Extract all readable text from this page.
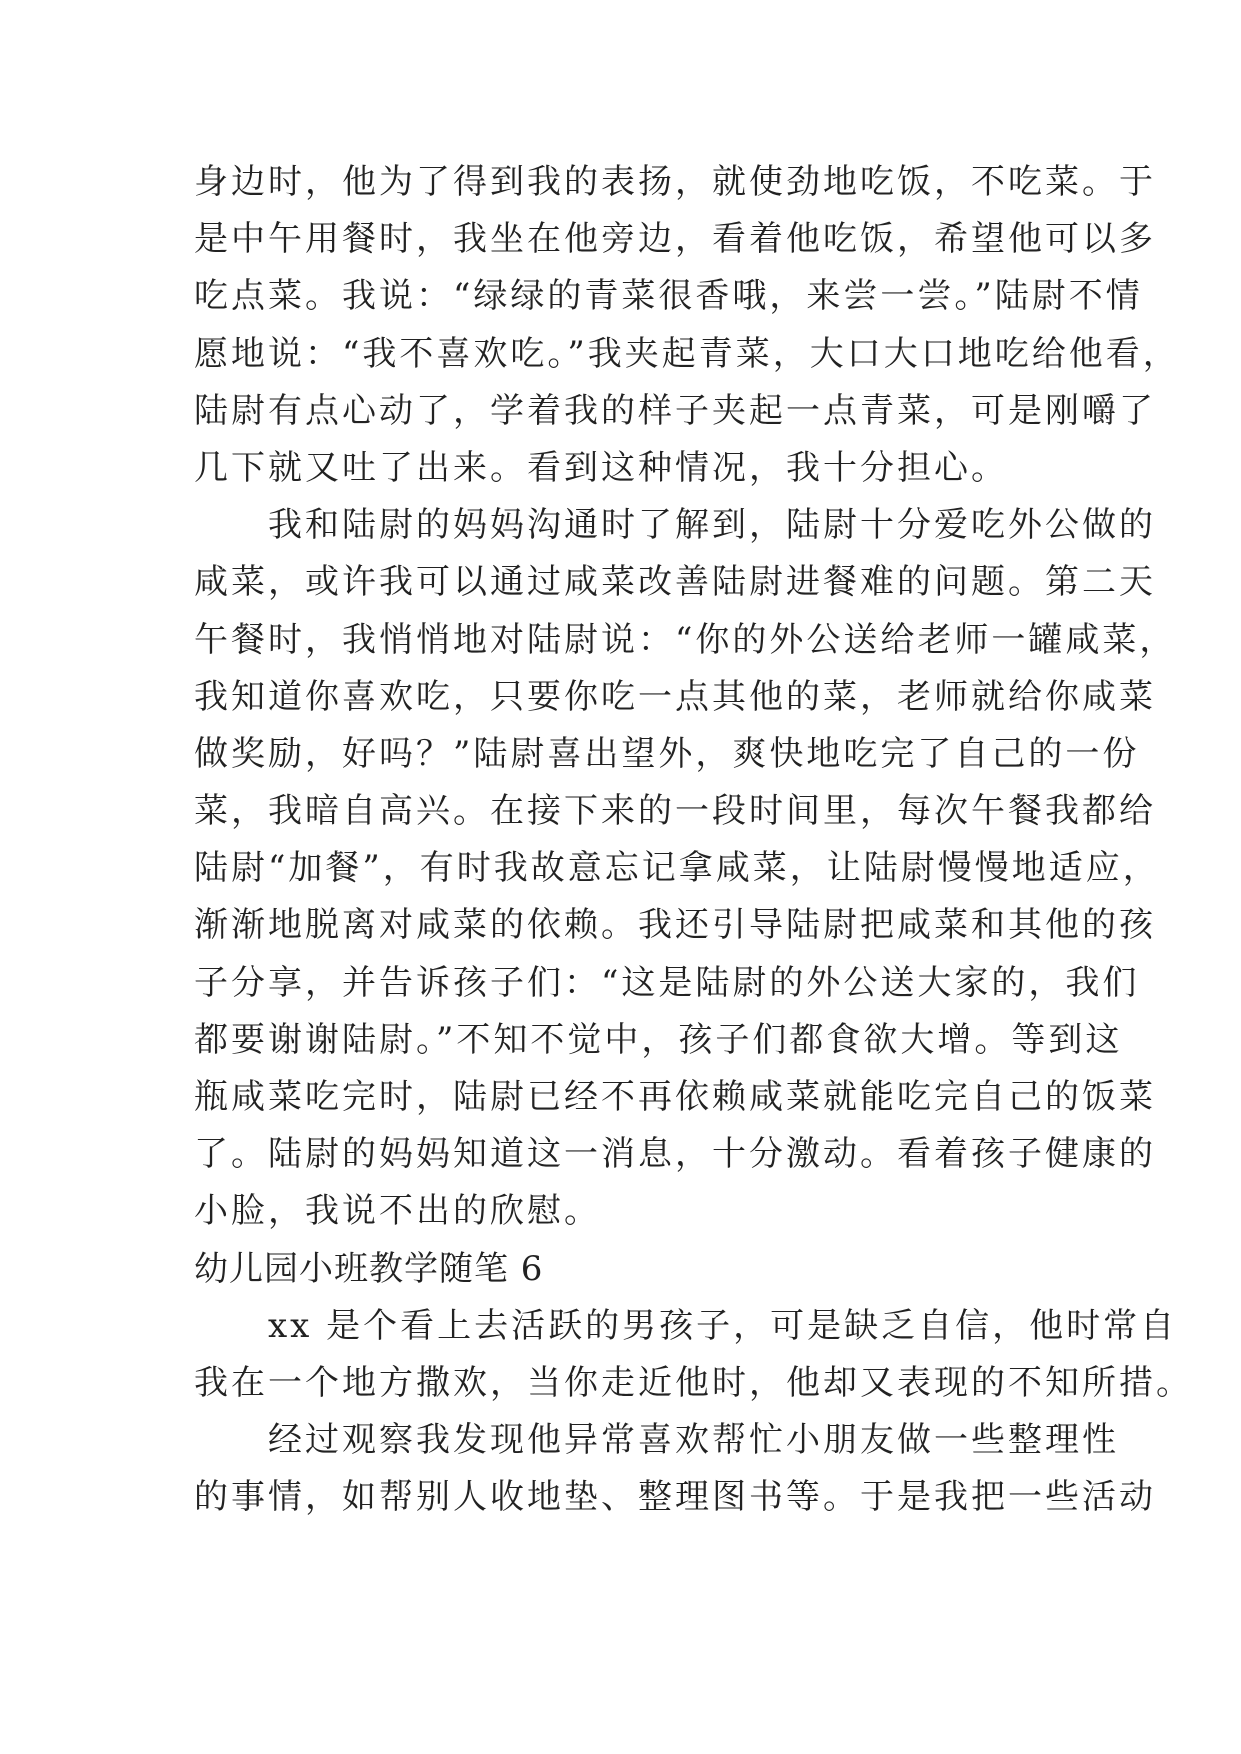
身边时，他为了得到我的表扬，就使劲地吃饭，不吃菜。于
是中午用餐时，我坐在他旁边，看着他吃饭，希望他可以多
吃点菜。我说：“绿绿的青菜很香哦，来尝一尝。”陆尉不情
愿地说：“我不喜欢吃。”我夹起青菜，大口大口地吃给他看，
陆尉有点心动了，学着我的样子夹起一点青菜，可是刚嚼了
几下就又吐了出来。看到这种情况，我十分担心。
　　我和陆尉的妈妈沟通时了解到，陆尉十分爱吃外公做的
咸菜，或许我可以通过咸菜改善陆尉进餐难的问题。第二天
午餐时，我悄悄地对陆尉说：“你的外公送给老师一罐咸菜，
我知道你喜欢吃，只要你吃一点其他的菜，老师就给你咸菜
做奖励，好吗？”陆尉喜出望外，爽快地吃完了自己的一份
菜，我暗自高兴。在接下来的一段时间里，每次午餐我都给
陆尉“加餐”，有时我故意忘记拿咸菜，让陆尉慢慢地适应，
渐渐地脱离对咸菜的依赖。我还引导陆尉把咸菜和其他的孩
子分享，并告诉孩子们：“这是陆尉的外公送大家的，我们
都要谢谢陆尉。”不知不觉中，孩子们都食欲大增。等到这
瓶咸菜吃完时，陆尉已经不再依赖咸菜就能吃完自己的饭菜
了。陆尉的妈妈知道这一消息，十分激动。看着孩子健康的
小脸，我说不出的欣慰。
幼儿园小班教学随笔 6
　　xx 是个看上去活跃的男孩子，可是缺乏自信，他时常自
我在一个地方撒欢，当你走近他时，他却又表现的不知所措。
　　经过观察我发现他异常喜欢帮忙小朋友做一些整理性
的事情，如帮别人收地垫、整理图书等。于是我把一些活动
